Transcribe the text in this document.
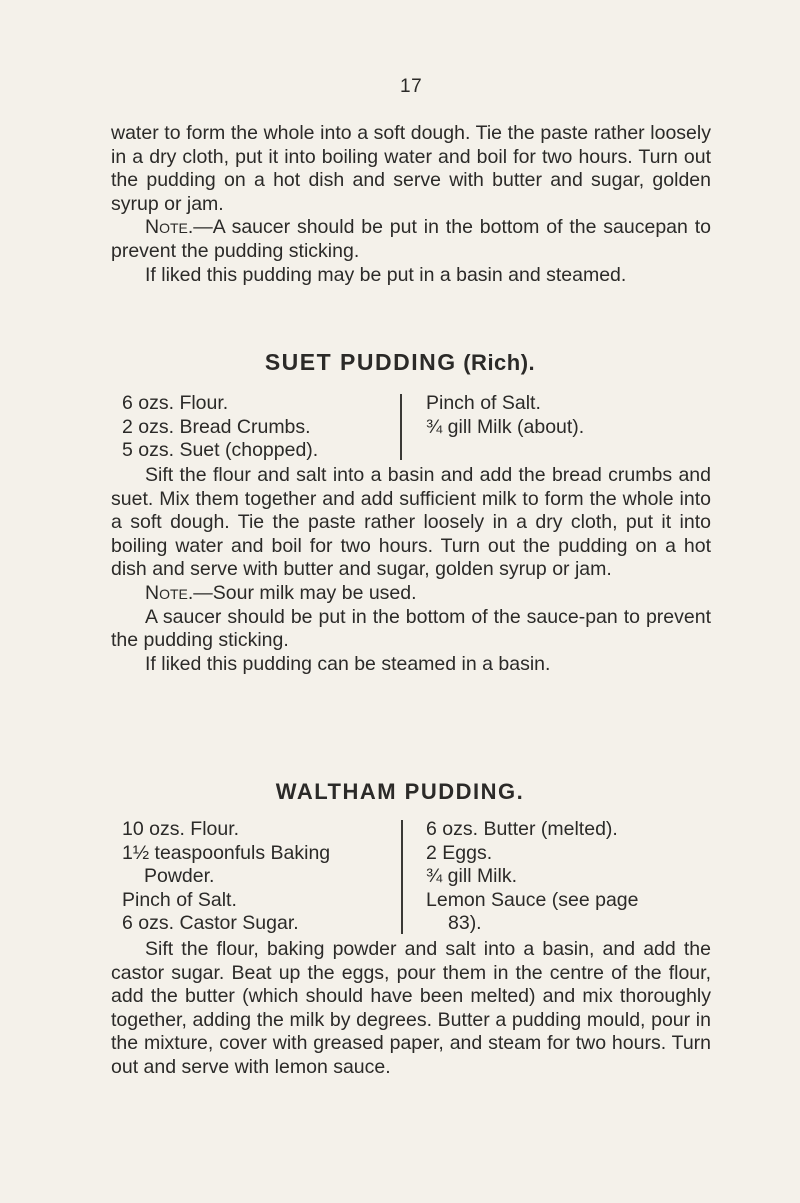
17

water to form the whole into a soft dough. Tie the paste rather loosely in a dry cloth, put it into boiling water and boil for two hours. Turn out the pudding on a hot dish and serve with butter and sugar, golden syrup or jam.

Note.—A saucer should be put in the bottom of the saucepan to prevent the pudding sticking.

If liked this pudding may be put in a basin and steamed.

SUET PUDDING (Rich).
6 ozs. Flour.
2 ozs. Bread Crumbs.
5 ozs. Suet (chopped).
Pinch of Salt.
¾ gill Milk (about).

Sift the flour and salt into a basin and add the bread crumbs and suet. Mix them together and add sufficient milk to form the whole into a soft dough. Tie the paste rather loosely in a dry cloth, put it into boiling water and boil for two hours. Turn out the pudding on a hot dish and serve with butter and sugar, golden syrup or jam.

Note.—Sour milk may be used.

A saucer should be put in the bottom of the sauce-pan to prevent the pudding sticking.

If liked this pudding can be steamed in a basin.

WALTHAM PUDDING.
10 ozs. Flour.
1½ teaspoonfuls Baking
Powder.
Pinch of Salt.
6 ozs. Castor Sugar.
6 ozs. Butter (melted).
2 Eggs.
¾ gill Milk.
Lemon Sauce (see page
83).

Sift the flour, baking powder and salt into a basin, and add the castor sugar. Beat up the eggs, pour them in the centre of the flour, add the butter (which should have been melted) and mix thoroughly together, adding the milk by degrees. Butter a pudding mould, pour in the mixture, cover with greased paper, and steam for two hours. Turn out and serve with lemon sauce.
